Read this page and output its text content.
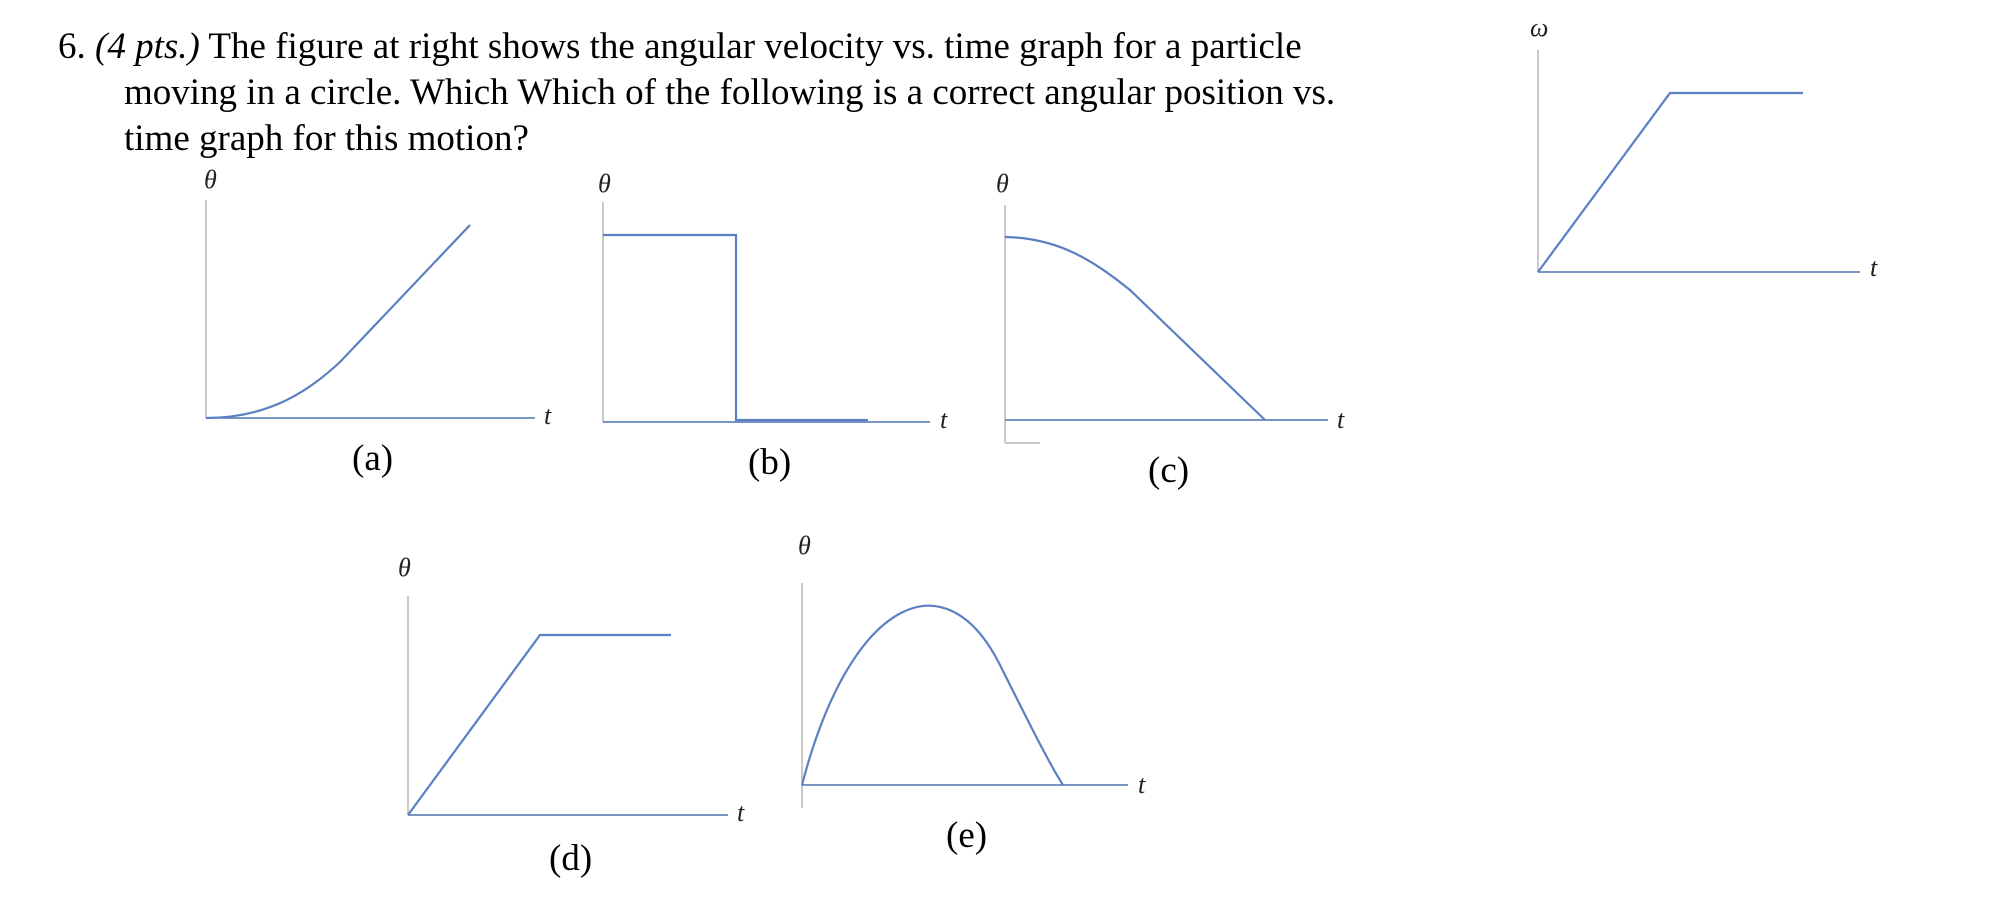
6. (4 pts.) The figure at right shows the angular velocity vs. time graph for a particle
moving in a circle. Which Which of the following is a correct angular position vs.
time graph for this motion?
ω
t
θ
t
(a)
θ
t
(b)
θ
t
(c)
θ
t
(d)
θ
t
(e)
